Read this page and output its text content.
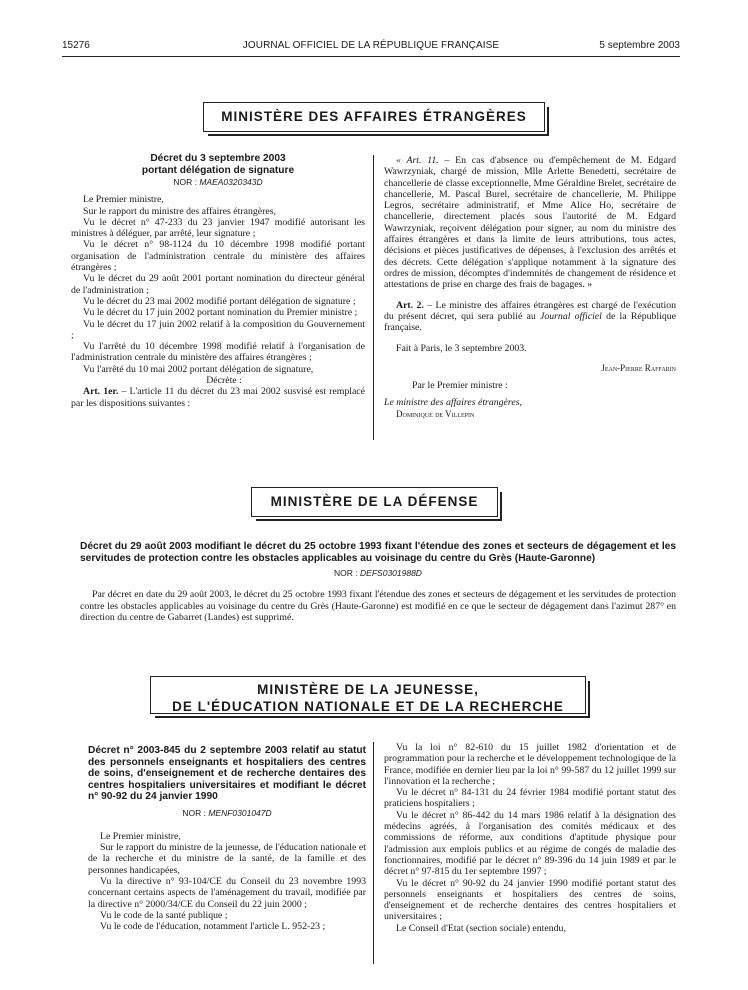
15276	JOURNAL OFFICIEL DE LA RÉPUBLIQUE FRANÇAISE	5 septembre 2003
MINISTÈRE DES AFFAIRES ÉTRANGÈRES
Décret du 3 septembre 2003
portant délégation de signature
NOR : MAEA0320343D

Le Premier ministre,

Sur le rapport du ministre des affaires étrangères,

Vu le décret n° 47-233 du 23 janvier 1947 modifié autorisant les ministres à déléguer, par arrêté, leur signature ;

Vu le décret n° 98-1124 du 10 décembre 1998 modifié portant organisation de l'administration centrale du ministère des affaires étrangères ;

Vu le décret du 29 août 2001 portant nomination du directeur général de l'administration ;

Vu le décret du 23 mai 2002 modifié portant délégation de signature ;

Vu le décret du 17 juin 2002 portant nomination du Premier ministre ;

Vu le décret du 17 juin 2002 relatif à la composition du Gouvernement ;

Vu l'arrêté du 10 décembre 1998 modifié relatif à l'organisation de l'administration centrale du ministère des affaires étrangères ;

Vu l'arrêté du 10 mai 2002 portant délégation de signature,

Décrète :

Art. 1er. – L'article 11 du décret du 23 mai 2002 susvisé est remplacé par les dispositions suivantes :

« Art. 11. – En cas d'absence ou d'empêchement de M. Edgard Wawrzyniak, chargé de mission, Mlle Arlette Benedetti, secrétaire de chancellerie de classe exceptionnelle, Mme Géraldine Brelet, secrétaire de chancellerie, M. Pascal Burel, secrétaire de chancellerie, M. Philippe Legros, secrétaire administratif, et Mme Alice Ho, secrétaire de chancellerie, directement placés sous l'autorité de M. Edgard Wawrzyniak, reçoivent délégation pour signer, au nom du ministre des affaires étrangères et dans la limite de leurs attributions, tous actes, décisions et pièces justificatives de dépenses, à l'exclusion des arrêtés et des décrets. Cette délégation s'applique notamment à la signature des ordres de mission, décomptes d'indemnités de changement de résidence et attestations de prise en charge des frais de bagages. »

Art. 2. – Le ministre des affaires étrangères est chargé de l'exécution du présent décret, qui sera publié au Journal officiel de la République française.

Fait à Paris, le 3 septembre 2003.

Jean-Pierre Raffarin

Par le Premier ministre :

Le ministre des affaires étrangères,

Dominique de Villepin

MINISTÈRE DE LA DÉFENSE
Décret du 29 août 2003 modifiant le décret du 25 octobre 1993 fixant l'étendue des zones et secteurs de dégagement et les servitudes de protection contre les obstacles applicables au voisinage du centre du Grès (Haute-Garonne)
NOR : DEFS0301988D

Par décret en date du 29 août 2003, le décret du 25 octobre 1993 fixant l'étendue des zones et secteurs de dégagement et les servitudes de protection contre les obstacles applicables au voisinage du centre du Grès (Haute-Garonne) est modifié en ce que le secteur de dégagement dans l'azimut 287° en direction du centre de Gabarret (Landes) est supprimé.

MINISTÈRE DE LA JEUNESSE,
DE L'ÉDUCATION NATIONALE ET DE LA RECHERCHE
Décret n° 2003-845 du 2 septembre 2003 relatif au statut des personnels enseignants et hospitaliers des centres de soins, d'enseignement et de recherche dentaires des centres hospitaliers universitaires et modifiant le décret n° 90-92 du 24 janvier 1990
NOR : MENF0301047D

Le Premier ministre,

Sur le rapport du ministre de la jeunesse, de l'éducation nationale et de la recherche et du ministre de la santé, de la famille et des personnes handicapées,

Vu la directive n° 93-104/CE du Conseil du 23 novembre 1993 concernant certains aspects de l'aménagement du travail, modifiée par la directive n° 2000/34/CE du Conseil du 22 juin 2000 ;

Vu le code de la santé publique ;

Vu le code de l'éducation, notamment l'article L. 952-23 ;

Vu la loi n° 82-610 du 15 juillet 1982 d'orientation et de programmation pour la recherche et le développement technologique de la France, modifiée en dernier lieu par la loi n° 99-587 du 12 juillet 1999 sur l'innovation et la recherche ;

Vu le décret n° 84-131 du 24 février 1984 modifié portant statut des praticiens hospitaliers ;

Vu le décret n° 86-442 du 14 mars 1986 relatif à la désignation des médecins agréés, à l'organisation des comités médicaux et des commissions de réforme, aux conditions d'aptitude physique pour l'admission aux emplois publics et au régime de congés de maladie des fonctionnaires, modifié par le décret n° 89-396 du 14 juin 1989 et par le décret n° 97-815 du 1er septembre 1997 ;

Vu le décret n° 90-92 du 24 janvier 1990 modifié portant statut des personnels enseignants et hospitaliers des centres de soins, d'enseignement et de recherche dentaires des centres hospitaliers et universitaires ;

Le Conseil d'Etat (section sociale) entendu,
